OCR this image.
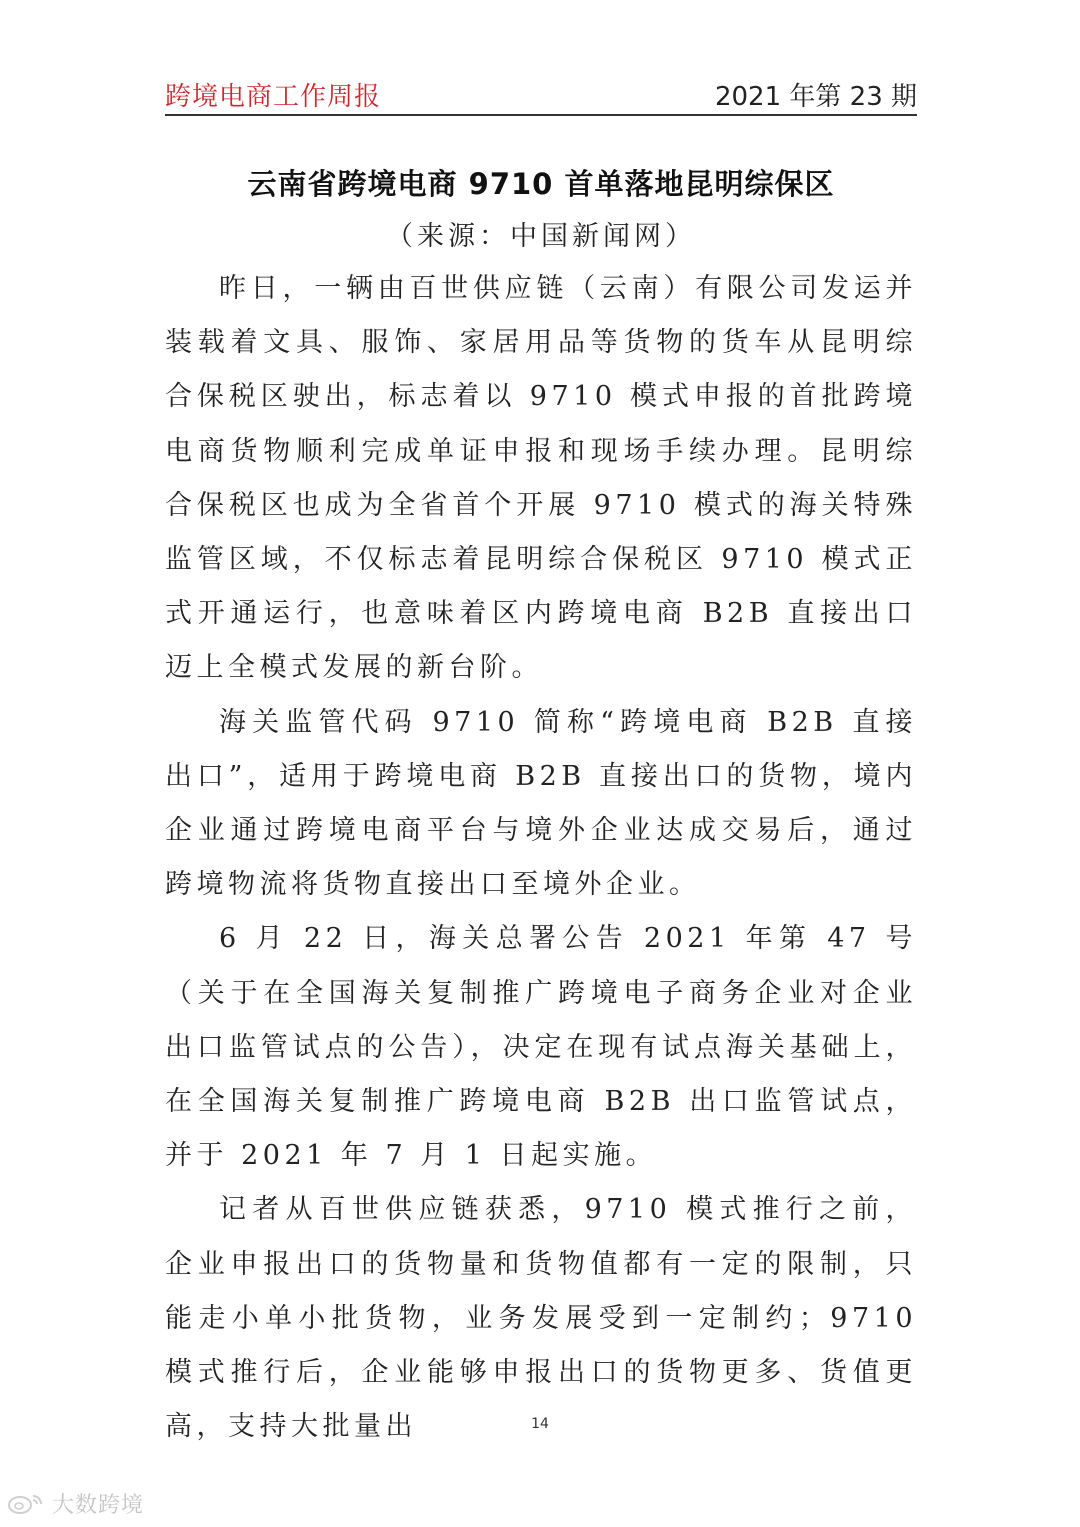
跨境电商工作周报	2021 年第 23 期
云南省跨境电商 9710 首单落地昆明综保区
（来源：中国新闻网）

昨日，一辆由百世供应链（云南）有限公司发运并装载着文具、服饰、家居用品等货物的货车从昆明综合保税区驶出，标志着以 9710 模式申报的首批跨境电商货物顺利完成单证申报和现场手续办理。昆明综合保税区也成为全省首个开展 9710 模式的海关特殊监管区域，不仅标志着昆明综合保税区 9710 模式正式开通运行，也意味着区内跨境电商 B2B 直接出口迈上全模式发展的新台阶。

海关监管代码 9710 简称“跨境电商 B2B 直接出口”，适用于跨境电商 B2B 直接出口的货物，境内企业通过跨境电商平台与境外企业达成交易后，通过跨境物流将货物直接出口至境外企业。

6 月 22 日，海关总署公告 2021 年第 47 号（关于在全国海关复制推广跨境电子商务企业对企业出口监管试点的公告），决定在现有试点海关基础上，在全国海关复制推广跨境电商 B2B 出口监管试点，并于 2021 年 7 月 1 日起实施。

记者从百世供应链获悉，9710 模式推行之前，企业申报出口的货物量和货物值都有一定的限制，只能走小单小批货物，业务发展受到一定制约；9710 模式推行后，企业能够申报出口的货物更多、货值更高，支持大批量出	14
大数跨境
